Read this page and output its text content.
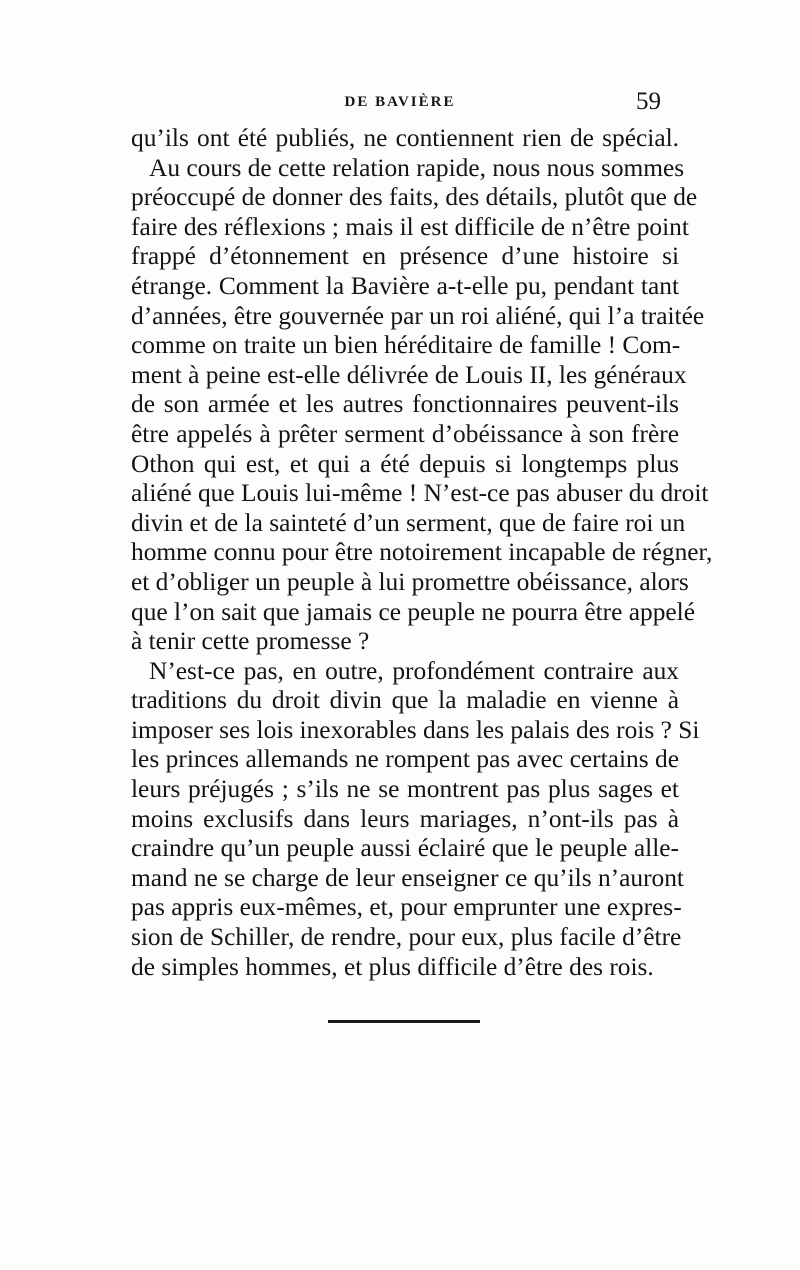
DE BAVIÈRE	59
qu’ils ont été publiés, ne contiennent rien de spécial.
Au cours de cette relation rapide, nous nous sommes
préoccupé de donner des faits, des détails, plutôt que de
faire des réflexions ; mais il est difficile de n’être point
frappé d’étonnement en présence d’une histoire si
étrange. Comment la Bavière a-t-elle pu, pendant tant
d’années, être gouvernée par un roi aliéné, qui l’a traitée
comme on traite un bien héréditaire de famille ! Com-
ment à peine est-elle délivrée de Louis II, les généraux
de son armée et les autres fonctionnaires peuvent-ils
être appelés à prêter serment d’obéissance à son frère
Othon qui est, et qui a été depuis si longtemps plus
aliéné que Louis lui-même ! N’est-ce pas abuser du droit
divin et de la sainteté d’un serment, que de faire roi un
homme connu pour être notoirement incapable de régner,
et d’obliger un peuple à lui promettre obéissance, alors
que l’on sait que jamais ce peuple ne pourra être appelé
à tenir cette promesse ?
N’est-ce pas, en outre, profondément contraire aux
traditions du droit divin que la maladie en vienne à
imposer ses lois inexorables dans les palais des rois ? Si
les princes allemands ne rompent pas avec certains de
leurs préjugés ; s’ils ne se montrent pas plus sages et
moins exclusifs dans leurs mariages, n’ont-ils pas à
craindre qu’un peuple aussi éclairé que le peuple alle-
mand ne se charge de leur enseigner ce qu’ils n’auront
pas appris eux-mêmes, et, pour emprunter une expres-
sion de Schiller, de rendre, pour eux, plus facile d’être
de simples hommes, et plus difficile d’être des rois.
